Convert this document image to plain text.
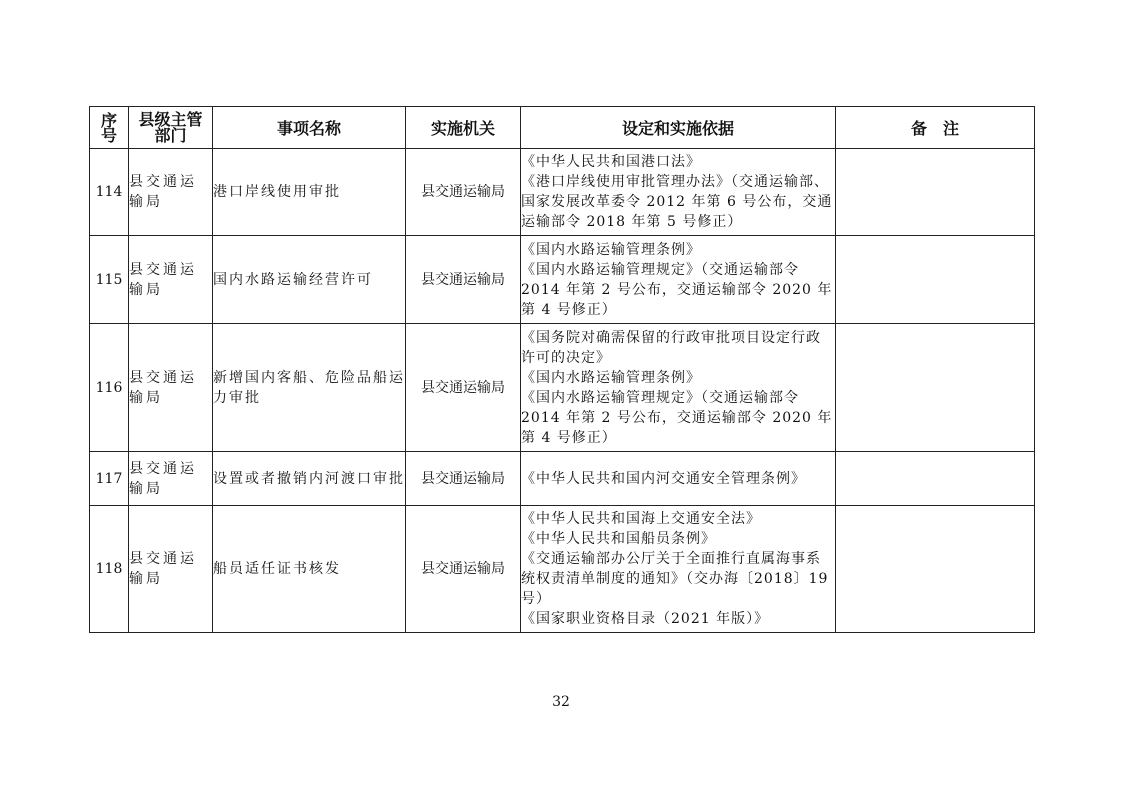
序号	县级主管部门	事项名称	实施机关	设定和实施依据	备　注
114	县交通运输局	港口岸线使用审批	县交通运输局	《中华人民共和国港口法》
《港口岸线使用审批管理办法》（交通运输部、国家发展改革委令 2012 年第 6 号公布，交通运输部令 2018 年第 5 号修正）	

115	县交通运输局	国内水路运输经营许可	县交通运输局	《国内水路运输管理条例》
《国内水路运输管理规定》（交通运输部令 2014 年第 2 号公布，交通运输部令 2020 年第 4 号修正）	

116	县交通运输局	新增国内客船、危险品船运力审批	县交通运输局	《国务院对确需保留的行政审批项目设定行政许可的决定》
《国内水路运输管理条例》
《国内水路运输管理规定》（交通运输部令 2014 年第 2 号公布，交通运输部令 2020 年第 4 号修正）	

117	县交通运输局	设置或者撤销内河渡口审批	县交通运输局	《中华人民共和国内河交通安全管理条例》	

118	县交通运输局	船员适任证书核发	县交通运输局	《中华人民共和国海上交通安全法》
《中华人民共和国船员条例》
《交通运输部办公厅关于全面推行直属海事系统权责清单制度的通知》（交办海〔2018〕19 号）
《国家职业资格目录（2021 年版）》	

32
